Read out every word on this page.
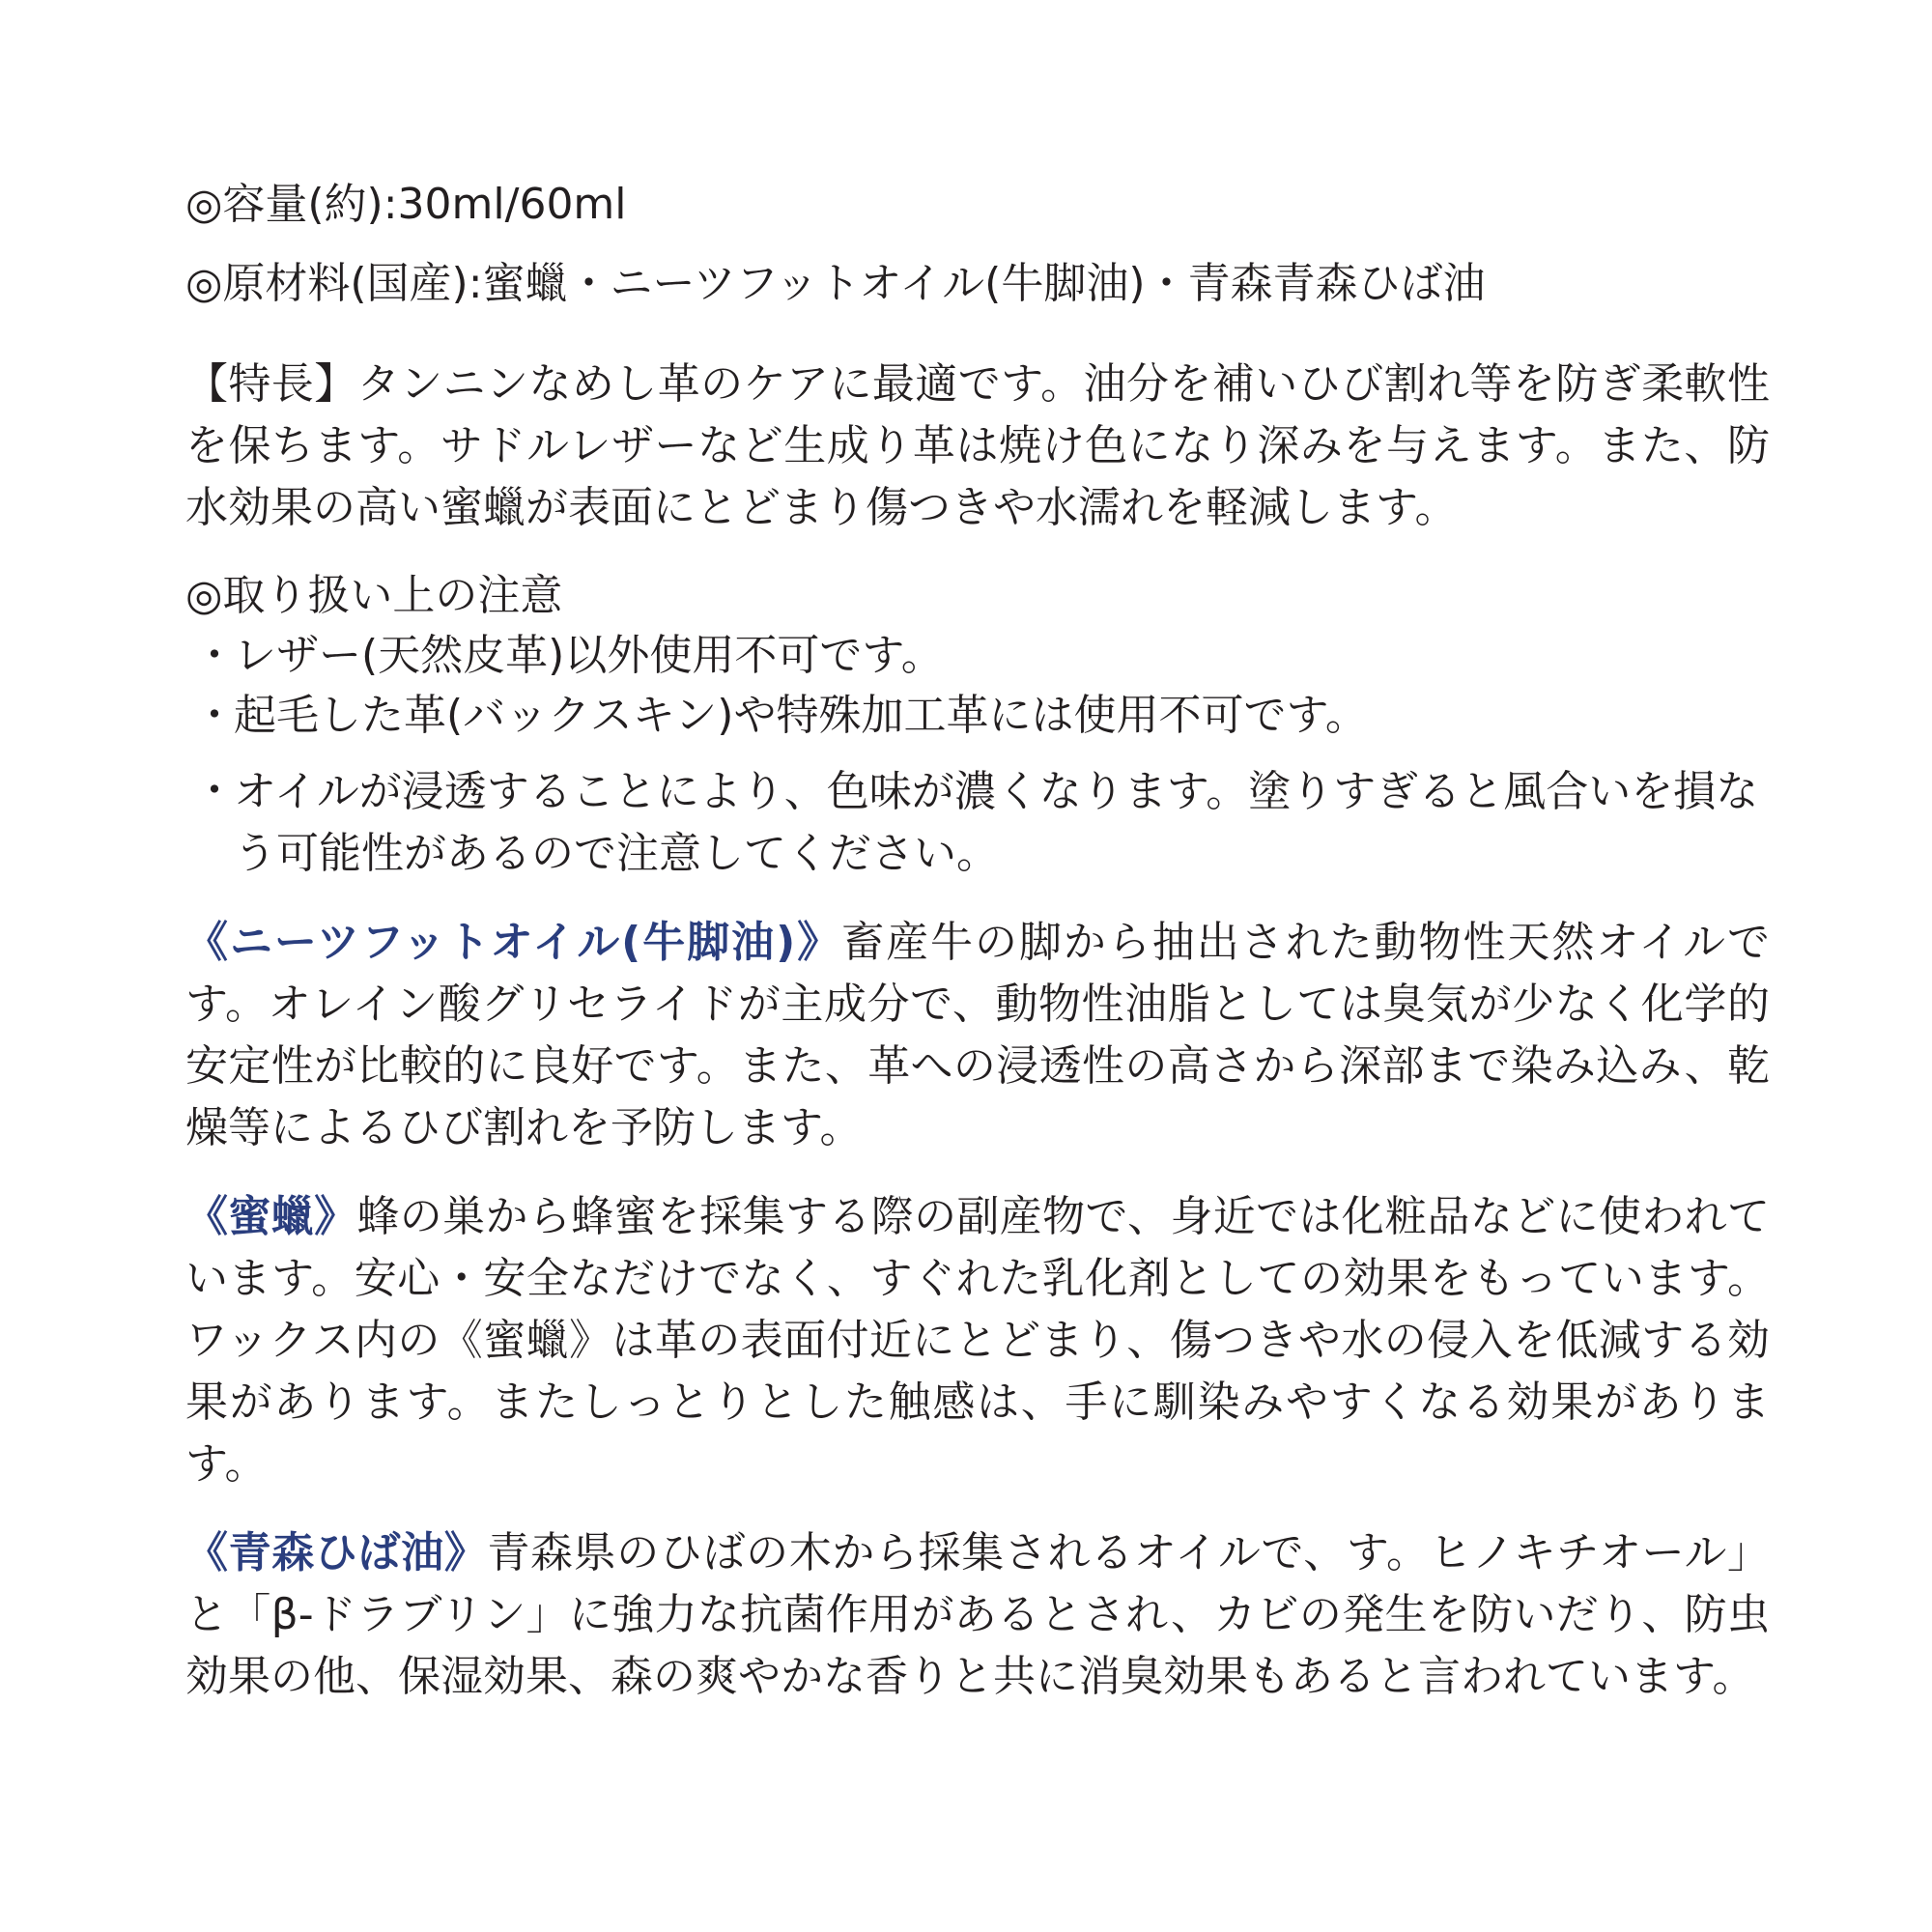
◎容量(約):30ml/60ml
◎原材料(国産):蜜蠟・ニーツフットオイル(牛脚油)・青森青森ひば油

【特長】タンニンなめし革のケアに最適です。油分を補いひび割れ等を防ぎ柔軟性を保ちます。サドルレザーなど生成り革は焼け色になり深みを与えます。また、防水効果の高い蜜蠟が表面にとどまり傷つきや水濡れを軽減します。

◎取り扱い上の注意
・
レザー(天然皮革)以外使用不可です。
・
起毛した革(バックスキン)や特殊加工革には使用不可です。
・
オイルが浸透することにより、色味が濃くなります。塗りすぎると風合いを損なう可能性があるので注意してください。

《ニーツフットオイル(牛脚油)》畜産牛の脚から抽出された動物性天然オイルです。オレイン酸グリセライドが主成分で、動物性油脂としては臭気が少なく化学的安定性が比較的に良好です。また、革への浸透性の高さから深部まで染み込み、乾燥等によるひび割れを予防します。

《蜜蠟》蜂の巣から蜂蜜を採集する際の副産物で、身近では化粧品などに使われています。安心・安全なだけでなく、すぐれた乳化剤としての効果をもっています。ワックス内の《蜜蠟》は革の表面付近にとどまり、傷つきや水の侵入を低減する効果があります。またしっとりとした触感は、手に馴染みやすくなる効果があります。

《青森ひば油》青森県のひばの木から採集されるオイルで、す。ヒノキチオール」と「β-ドラブリン」に強力な抗菌作用があるとされ、カビの発生を防いだり、防虫効果の他、保湿効果、森の爽やかな香りと共に消臭効果もあると言われています。
